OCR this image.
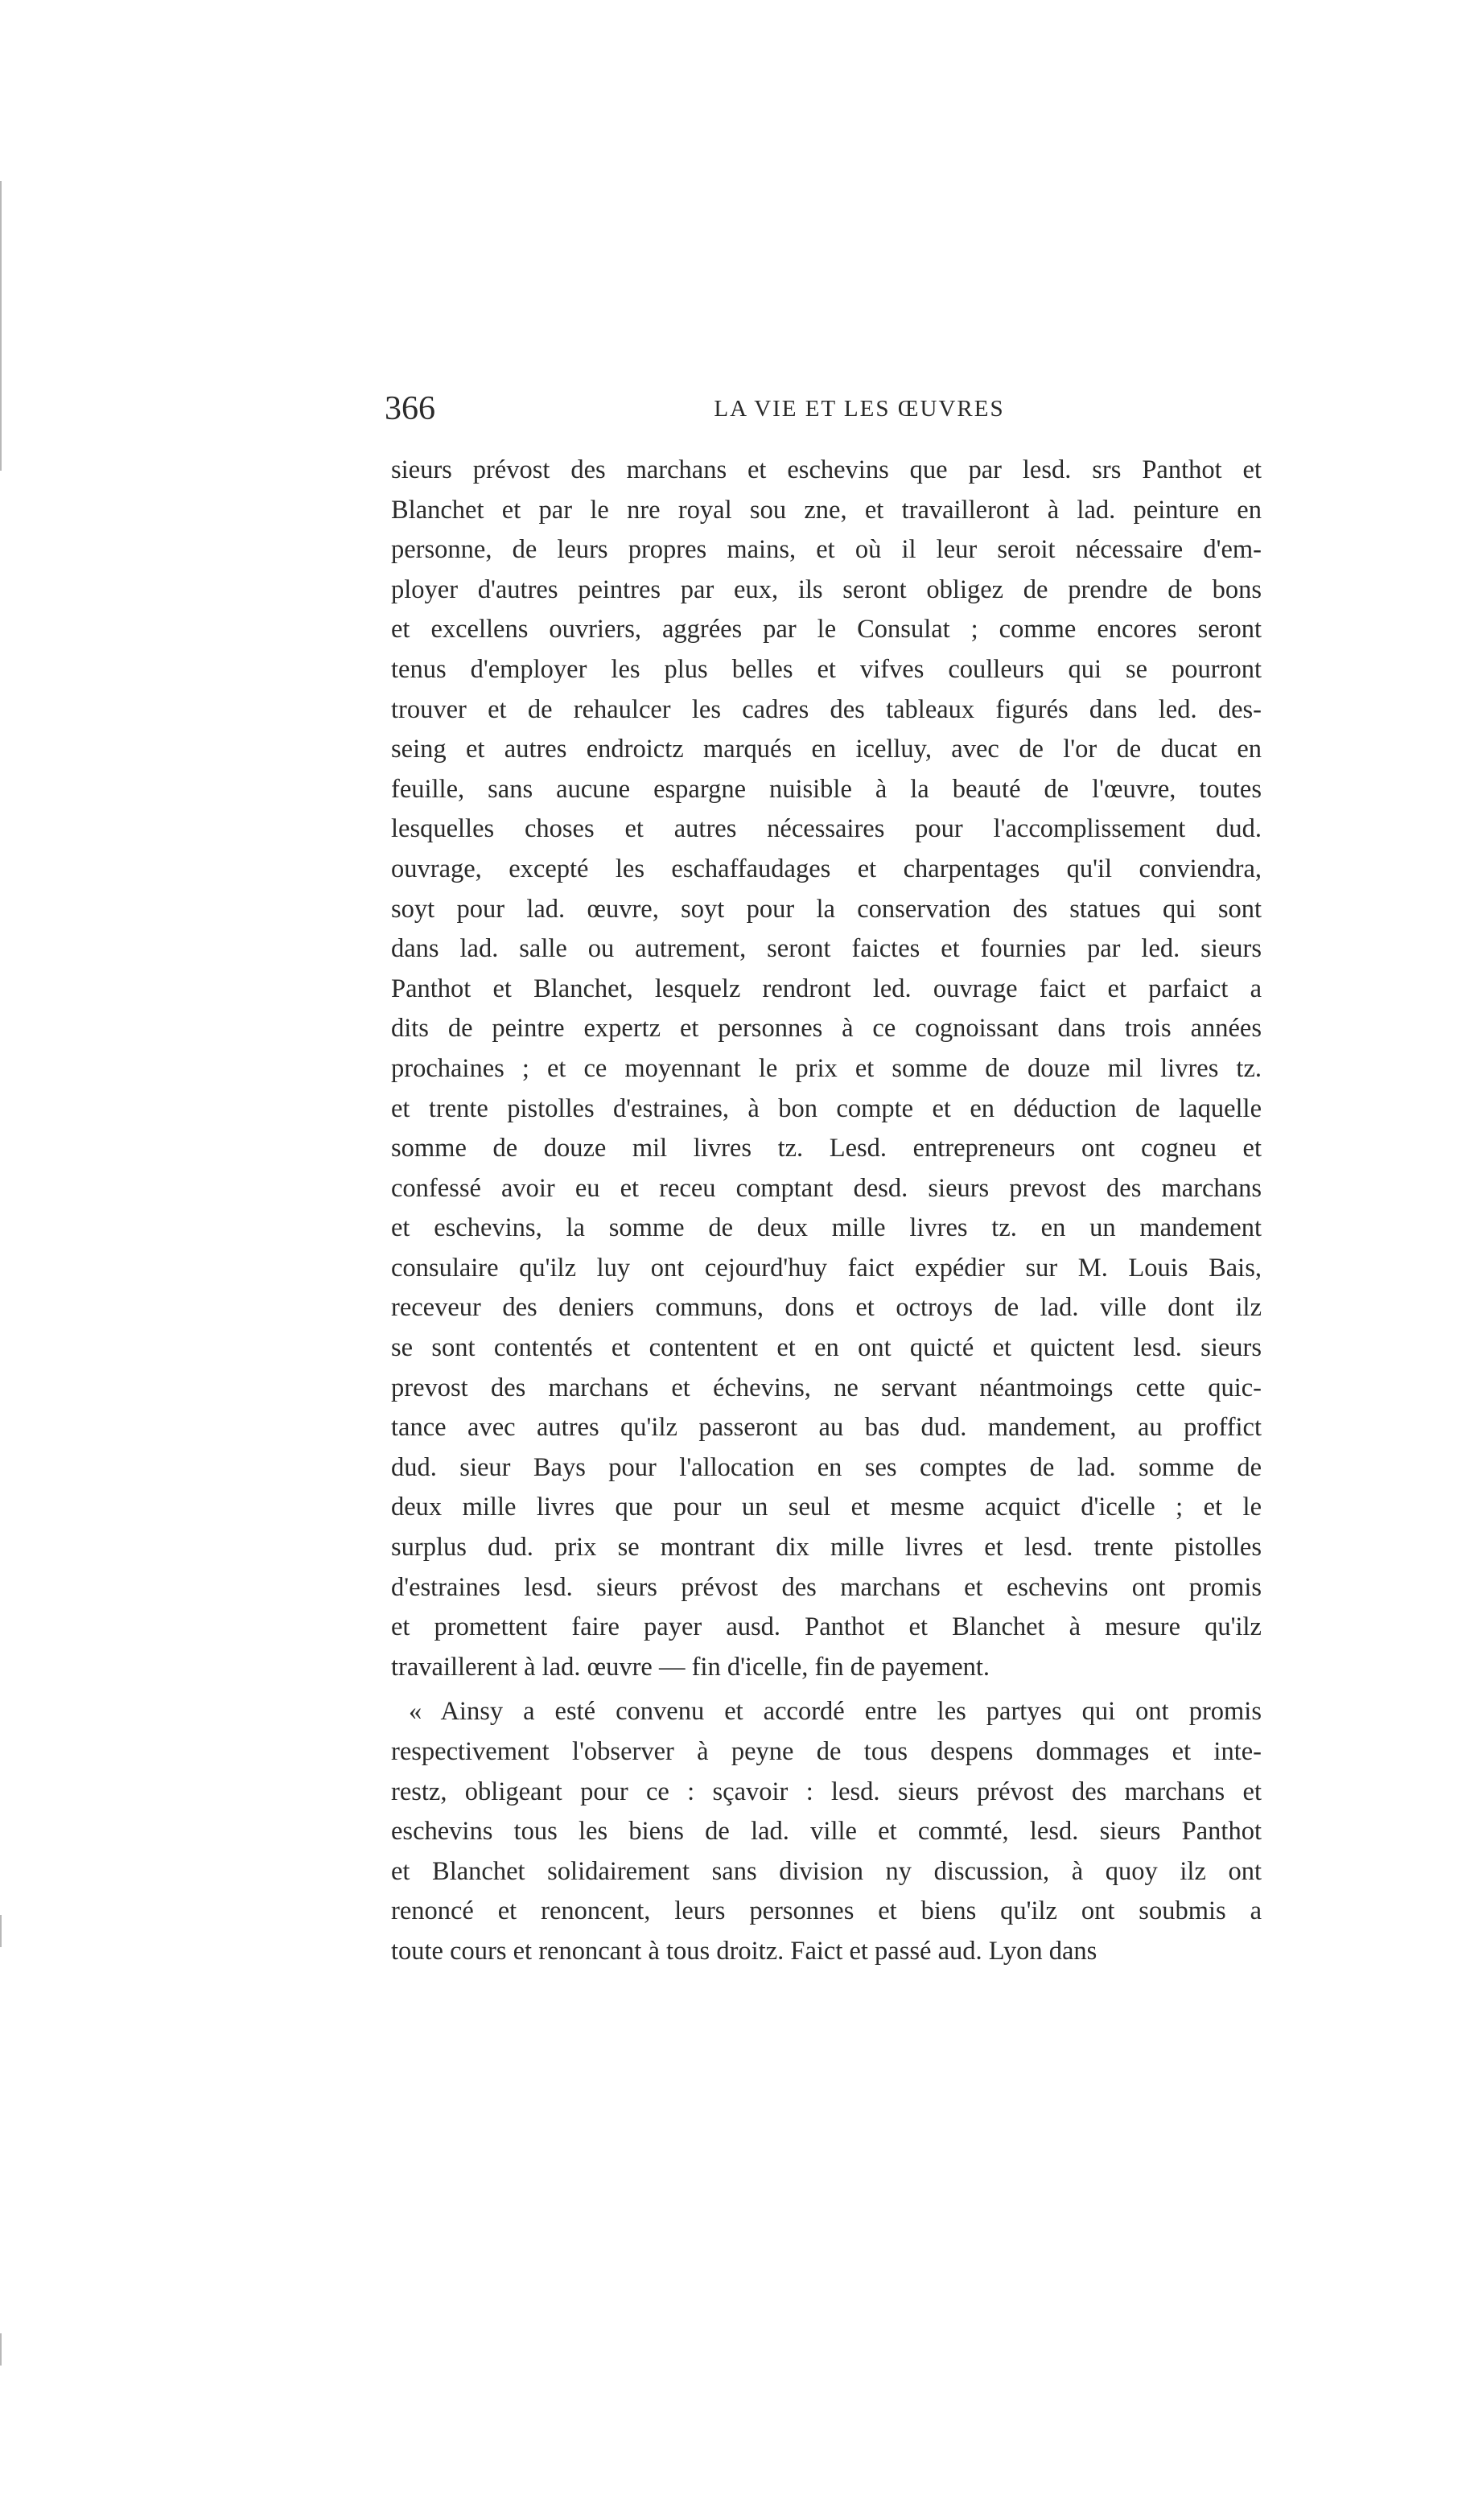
366	LA VIE ET LES ŒUVRES
sieurs prévost des marchans et eschevins que par lesd. srs Panthot et
Blanchet et par le nre royal sou zne, et travailleront à lad. peinture en
personne, de leurs propres mains, et où il leur seroit nécessaire d'em-
ployer d'autres peintres par eux, ils seront obligez de prendre de bons
et excellens ouvriers, aggrées par le Consulat ; comme encores seront
tenus d'employer les plus belles et vifves coulleurs qui se pourront
trouver et de rehaulcer les cadres des tableaux figurés dans led. des-
seing et autres endroictz marqués en icelluy, avec de l'or de ducat en
feuille, sans aucune espargne nuisible à la beauté de l'œuvre, toutes
lesquelles choses et autres nécessaires pour l'accomplissement dud.
ouvrage, excepté les eschaffaudages et charpentages qu'il conviendra,
soyt pour lad. œuvre, soyt pour la conservation des statues qui sont
dans lad. salle ou autrement, seront faictes et fournies par led. sieurs
Panthot et Blanchet, lesquelz rendront led. ouvrage faict et parfaict a
dits de peintre expertz et personnes à ce cognoissant dans trois années
prochaines ; et ce moyennant le prix et somme de douze mil livres tz.
et trente pistolles d'estraines, à bon compte et en déduction de laquelle
somme de douze mil livres tz. Lesd. entrepreneurs ont cogneu et
confessé avoir eu et receu comptant desd. sieurs prevost des marchans
et eschevins, la somme de deux mille livres tz. en un mandement
consulaire qu'ilz luy ont cejourd'huy faict expédier sur M. Louis Bais,
receveur des deniers communs, dons et octroys de lad. ville dont ilz
se sont contentés et contentent et en ont quicté et quictent lesd. sieurs
prevost des marchans et échevins, ne servant néantmoings cette quic-
tance avec autres qu'ilz passeront au bas dud. mandement, au proffict
dud. sieur Bays pour l'allocation en ses comptes de lad. somme de
deux mille livres que pour un seul et mesme acquict d'icelle ; et le
surplus dud. prix se montrant dix mille livres et lesd. trente pistolles
d'estraines lesd. sieurs prévost des marchans et eschevins ont promis
et promettent faire payer ausd. Panthot et Blanchet à mesure qu'ilz
travaillerent à lad. œuvre — fin d'icelle, fin de payement.
« Ainsy a esté convenu et accordé entre les partyes qui ont promis
respectivement l'observer à peyne de tous despens dommages et inte-
restz, obligeant pour ce : sçavoir : lesd. sieurs prévost des marchans et
eschevins tous les biens de lad. ville et commté, lesd. sieurs Panthot
et Blanchet solidairement sans division ny discussion, à quoy ilz ont
renoncé et renoncent, leurs personnes et biens qu'ilz ont soubmis a
toute cours et renoncant à tous droitz. Faict et passé aud. Lyon dans
